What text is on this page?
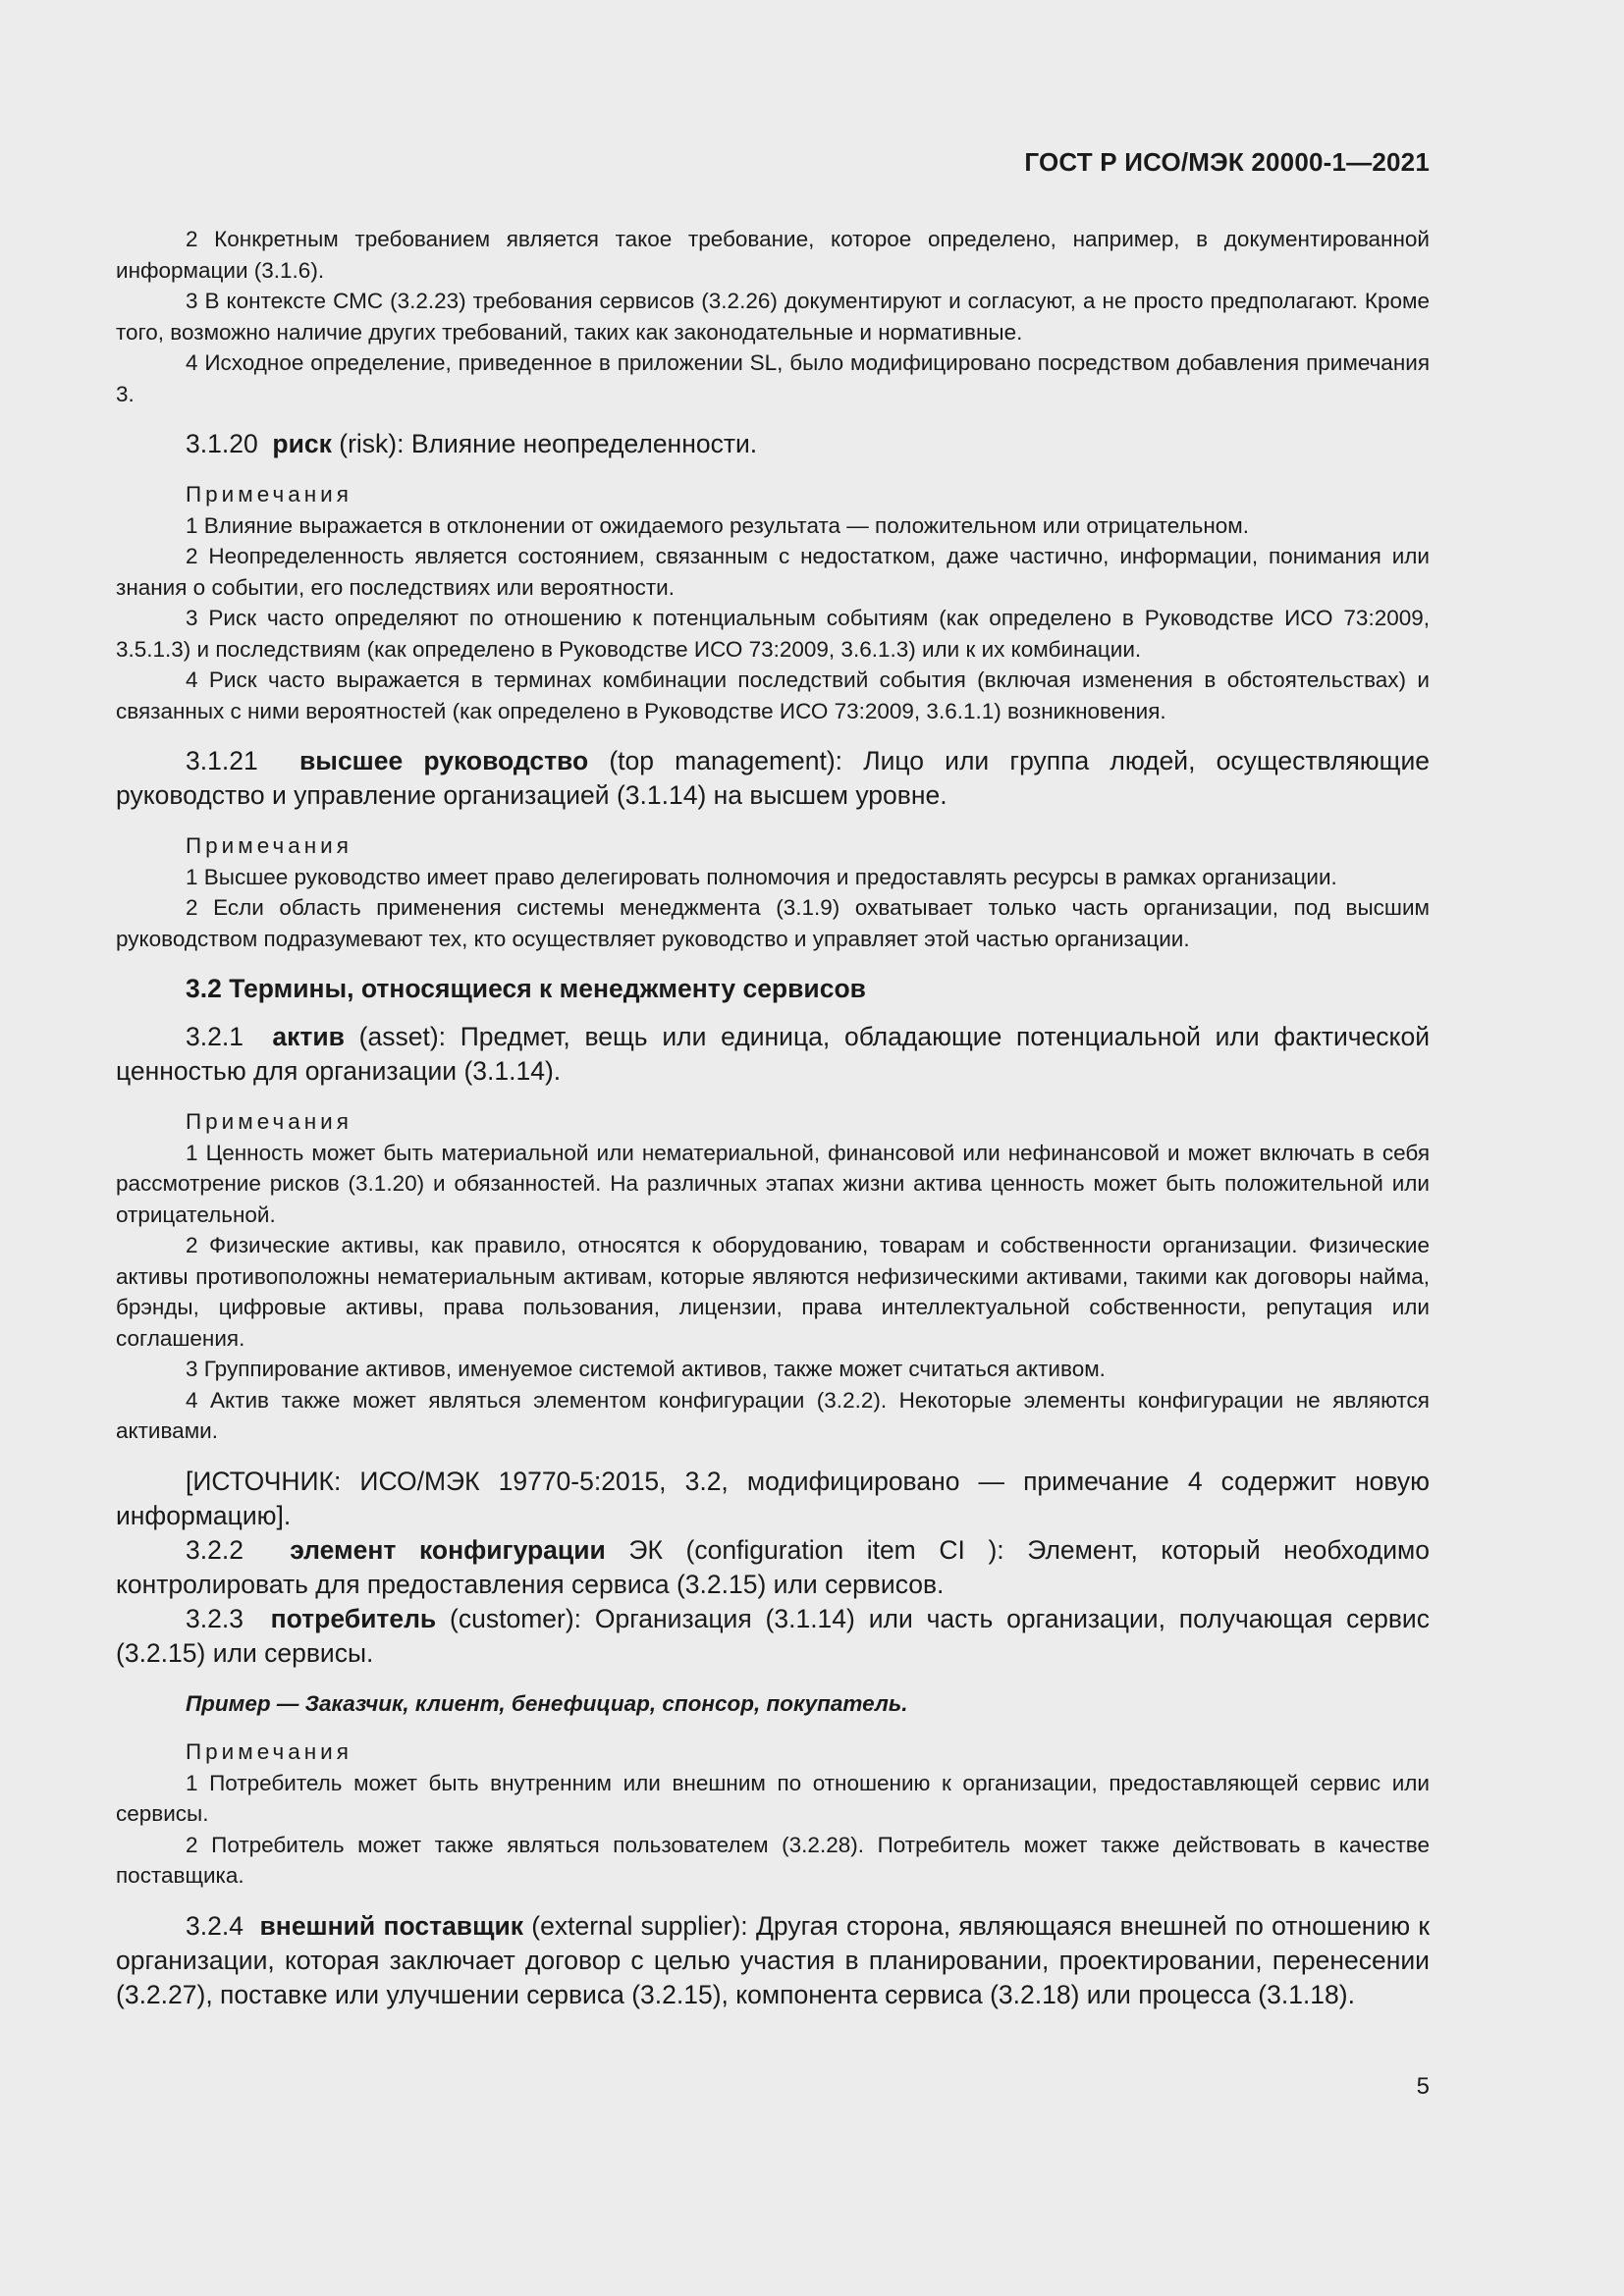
ГОСТ Р ИСО/МЭК 20000-1—2021

2 Конкретным требованием является такое требование, которое определено, например, в документированной информации (3.1.6).

3 В контексте СМС (3.2.23) требования сервисов (3.2.26) документируют и согласуют, а не просто предполагают. Кроме того, возможно наличие других требований, таких как законодательные и нормативные.

4 Исходное определение, приведенное в приложении SL, было модифицировано посредством добавления примечания 3.

3.1.20 риск (risk): Влияние неопределенности.

Примечания

1 Влияние выражается в отклонении от ожидаемого результата — положительном или отрицательном.

2 Неопределенность является состоянием, связанным с недостатком, даже частично, информации, понимания или знания о событии, его последствиях или вероятности.

3 Риск часто определяют по отношению к потенциальным событиям (как определено в Руководстве ИСО 73:2009, 3.5.1.3) и последствиям (как определено в Руководстве ИСО 73:2009, 3.6.1.3) или к их комбинации.

4 Риск часто выражается в терминах комбинации последствий события (включая изменения в обстоятельствах) и связанных с ними вероятностей (как определено в Руководстве ИСО 73:2009, 3.6.1.1) возникновения.

3.1.21 высшее руководство (top management): Лицо или группа людей, осуществляющие руководство и управление организацией (3.1.14) на высшем уровне.

Примечания

1 Высшее руководство имеет право делегировать полномочия и предоставлять ресурсы в рамках организации.

2 Если область применения системы менеджмента (3.1.9) охватывает только часть организации, под высшим руководством подразумевают тех, кто осуществляет руководство и управляет этой частью организации.

3.2 Термины, относящиеся к менеджменту сервисов

3.2.1 актив (asset): Предмет, вещь или единица, обладающие потенциальной или фактической ценностью для организации (3.1.14).

Примечания

1 Ценность может быть материальной или нематериальной, финансовой или нефинансовой и может включать в себя рассмотрение рисков (3.1.20) и обязанностей. На различных этапах жизни актива ценность может быть положительной или отрицательной.

2 Физические активы, как правило, относятся к оборудованию, товарам и собственности организации. Физические активы противоположны нематериальным активам, которые являются нефизическими активами, такими как договоры найма, брэнды, цифровые активы, права пользования, лицензии, права интеллектуальной собственности, репутация или соглашения.

3 Группирование активов, именуемое системой активов, также может считаться активом.

4 Актив также может являться элементом конфигурации (3.2.2). Некоторые элементы конфигурации не являются активами.

[ИСТОЧНИК: ИСО/МЭК 19770-5:2015, 3.2, модифицировано — примечание 4 содержит новую информацию].

3.2.2 элемент конфигурации ЭК (configuration item CI ): Элемент, который необходимо контролировать для предоставления сервиса (3.2.15) или сервисов.

3.2.3 потребитель (customer): Организация (3.1.14) или часть организации, получающая сервис (3.2.15) или сервисы.

Пример — Заказчик, клиент, бенефициар, спонсор, покупатель.

Примечания

1 Потребитель может быть внутренним или внешним по отношению к организации, предоставляющей сервис или сервисы.

2 Потребитель может также являться пользователем (3.2.28). Потребитель может также действовать в качестве поставщика.

3.2.4 внешний поставщик (external supplier): Другая сторона, являющаяся внешней по отношению к организации, которая заключает договор с целью участия в планировании, проектировании, перенесении (3.2.27), поставке или улучшении сервиса (3.2.15), компонента сервиса (3.2.18) или процесса (3.1.18).

5
